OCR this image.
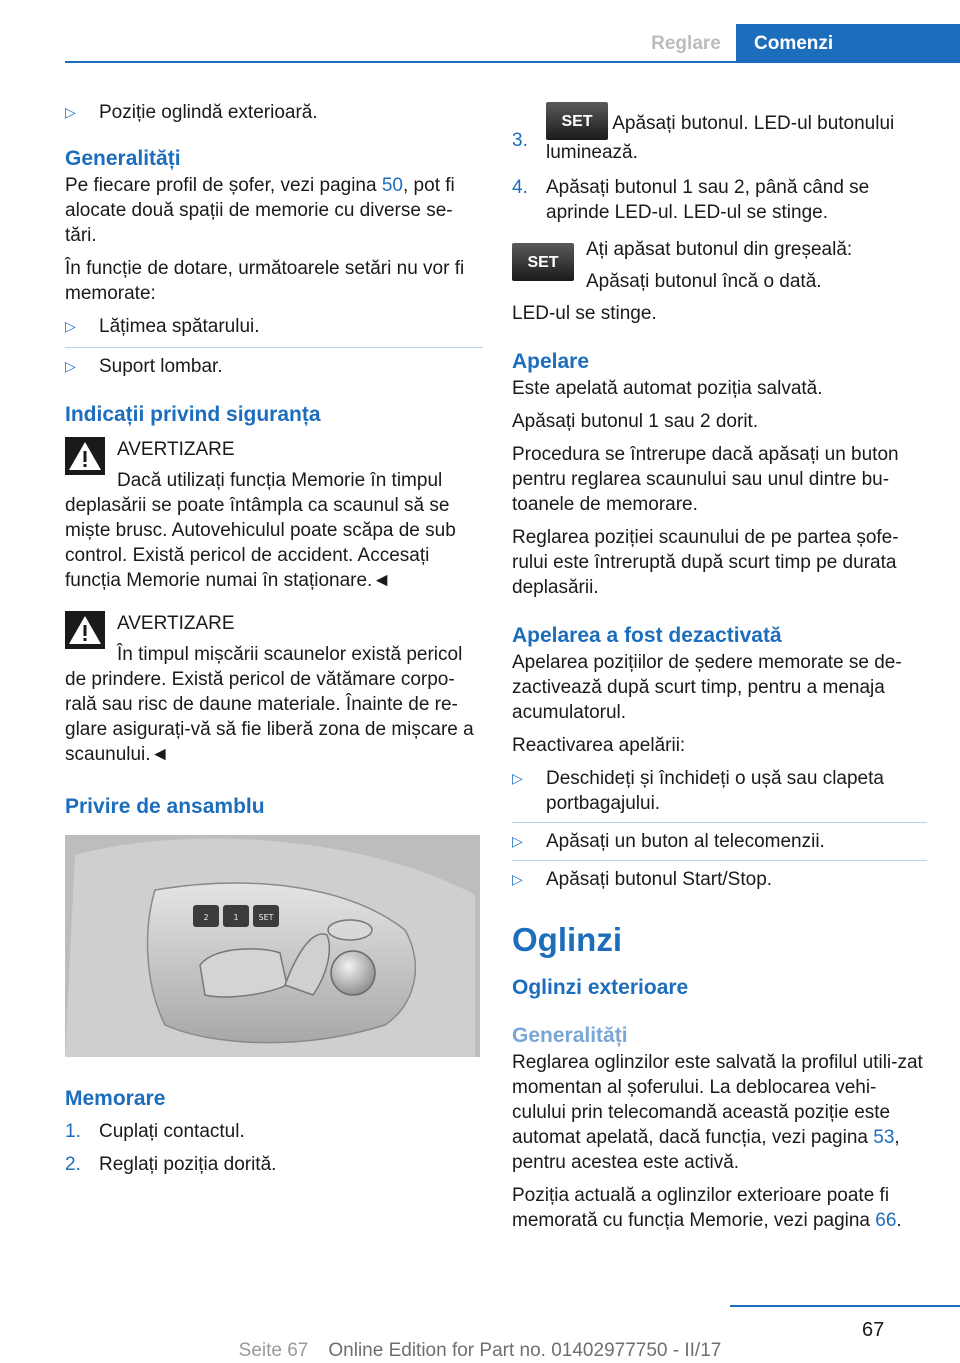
Reglare	Comenzi
▷	Poziție oglindă exterioară.
Generalități

Pe fiecare profil de șofer, vezi pagina 50, pot fi alocate două spații de memorie cu diverse se-tări.

În funcție de dotare, următoarele setări nu vor fi memorate:

▷	Lățimea spătarului.
▷	Suport lombar.
Indicații privind siguranța
AVERTIZARE
Dacă utilizați funcția Memorie în timpul
deplasării se poate întâmpla ca scaunul să se miște brusc. Autovehiculul poate scăpa de sub control. Există pericol de accident. Accesați funcția Memorie numai în staționare.◄
AVERTIZARE
În timpul mișcării scaunelor există pericol
de prindere. Există pericol de vătămare corpo-rală sau risc de daune materiale. Înainte de re-glare asigurați-vă să fie liberă zona de mișcare a scaunului.◄
Privire de ansamblu
2	1 SET
Memorare
1. Cuplați contactul.
2. Reglați poziția dorită.
3.
SET Apăsați butonul. LED-ul butonului
luminează.
4. Apăsați butonul 1 sau 2, până când se aprinde LED-ul. LED-ul se stinge.
SET
Ați apăsat butonul din greșeală:
Apăsați butonul încă o dată.

LED-ul se stinge.

Apelare

Este apelată automat poziția salvată.

Apăsați butonul 1 sau 2 dorit.

Procedura se întrerupe dacă apăsați un buton pentru reglarea scaunului sau unul dintre bu-toanele de memorare.

Reglarea poziției scaunului de pe partea șofe-rului este întreruptă după scurt timp pe durata deplasării.

Apelarea a fost dezactivată

Apelarea pozițiilor de ședere memorate se de-zactivează după scurt timp, pentru a menaja acumulatorul.

Reactivarea apelării:

▷	Deschideți și închideți o ușă sau clapeta portbagajului.
▷	Apăsați un buton al telecomenzii.
▷	Apăsați butonul Start/Stop.
Oglinzi
Oglinzi exterioare
Generalități

Reglarea oglinzilor este salvată la profilul utili-zat momentan al șoferului. La deblocarea vehi-culului prin telecomandă această poziție este automat apelată, dacă funcția, vezi pagina 53, pentru acestea este activă.

Poziția actuală a oglinzilor exterioare poate fi memorată cu funcția Memorie, vezi pagina 66.

67
Seite 67 Online Edition for Part no. 01402977750 - II/17
